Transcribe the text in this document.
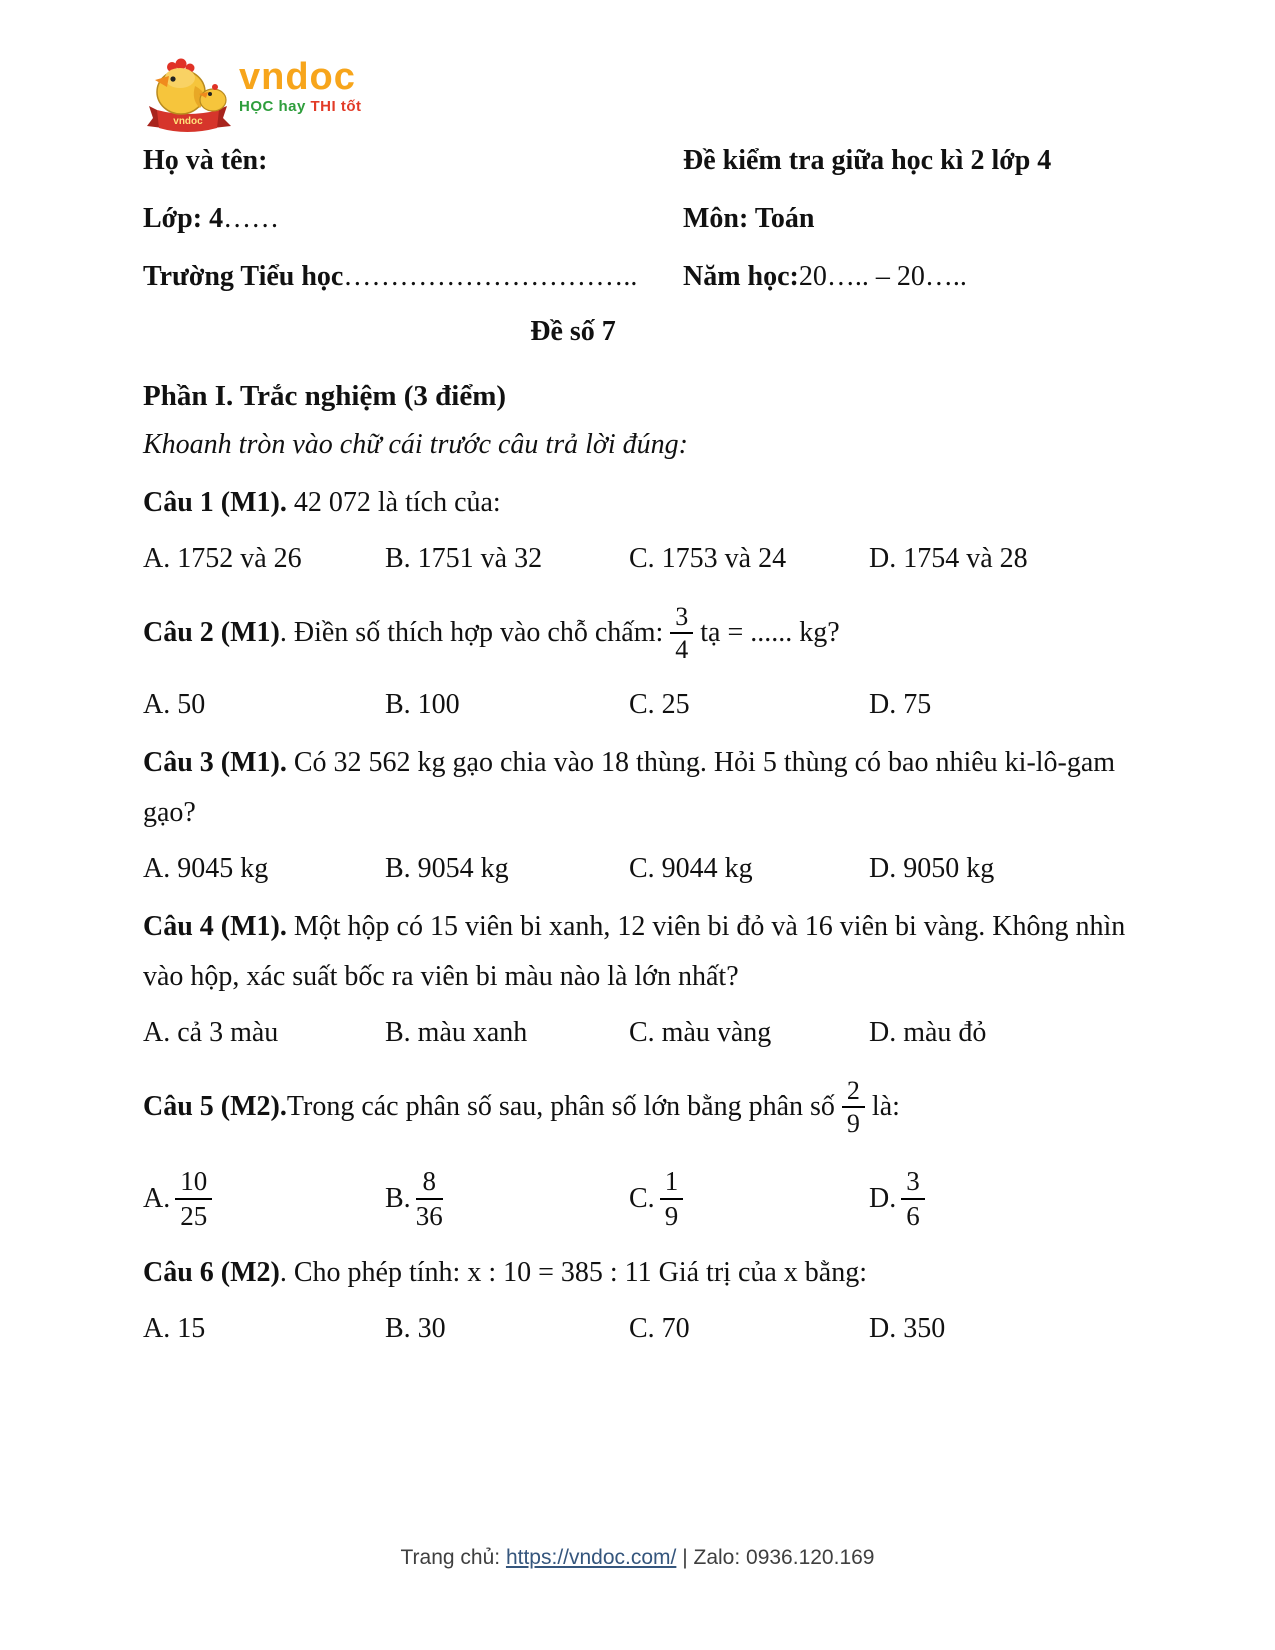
vndoc
vndoc
HỌC hay THI tốt
Họ và tên:	Đề kiểm tra giữa học kì 2 lớp 4
Lớp: 4 ……	Môn: Toán
Trường Tiểu học ………………………….. Năm học: 20….. – 20…..
Đề số 7
Phần I. Trắc nghiệm (3 điểm)
Khoanh tròn vào chữ cái trước câu trả lời đúng:

Câu 1 (M1). 42 072 là tích của:

A. 1752 và 26	B. 1751 và 32	C. 1753 và 24	D. 1754 và 28

Câu 2 (M1) . Điền số thích hợp vào chỗ chấm: $\frac{3}{4}$ tạ = ...... kg?

A. 50	B. 100	C. 25	D. 75

Câu 3 (M1). Có 32 562 kg gạo chia vào 18 thùng. Hỏi 5 thùng có bao nhiêu ki-lô-gam gạo?

A. 9045 kg	B. 9054 kg	C. 9044 kg	D. 9050 kg

Câu 4 (M1). Một hộp có 15 viên bi xanh, 12 viên bi đỏ và 16 viên bi vàng. Không nhìn vào hộp, xác suất bốc ra viên bi màu nào là lớn nhất?

A. cả 3 màu	B. màu xanh	C. màu vàng	D. màu đỏ

Câu 5 (M2). Trong các phân số sau, phân số lớn bằng phân số $\frac{2}{9}$ là:

A. $\frac{10}{25}$	B. $\frac{8}{36}$	C. $\frac{1}{9}$	D. $\frac{3}{6}$

Câu 6 (M2). Cho phép tính: x : 10 = 385 : 11 Giá trị của x bằng:

A. 15	B. 30	C. 70	D. 350
Trang chủ: https://vndoc.com/ | Zalo: 0936.120.169
